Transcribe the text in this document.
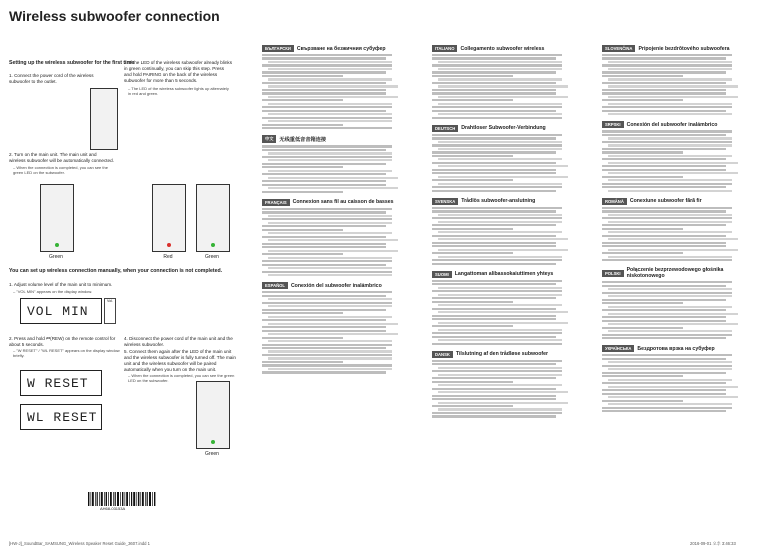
Wireless subwoofer connection
Setting up the wireless subwoofer for the first time
1. Connect the power cord of the wireless subwoofer to the outlet.
2. Turn on the main unit. The main unit and wireless subwoofer will be automatically connected.
– When the connection is completed, you can see the green LED on the subwoofer.
3. If the LED of the wireless subwoofer already blinks in green continually, you can skip this step. Press and hold PAIRING on the back of the wireless subwoofer for more than 5 seconds.
– The LED of the wireless subwoofer lights up alternately in red and green.
Green	Red	Green
You can set up wireless connection manually, when your connection is not completed.
1. Adjust volume level of the main unit to minimum.
– "VOL MIN" appears on the display window.
VOL MIN
Vol.
2. Press and hold ⏮(REW) on the remote control for about 5 seconds.
– "W RESET" / "WL RESET" appears on the display window briefly.
W RESET
WL RESET
4. Disconnect the power cord of the main unit and the wireless subwoofer.
5. Connect them again after the LED of the main unit and the wireless subwoofer is fully turned off. The main unit and the wireless subwoofer will be paired automatically when you turn on the main unit.
– When the connection is completed, you can see the green LED on the subwoofer.
Green
AH68-03153A
БЪЛГАРСКИ	Свързване на безжичния субуфер
中文	无线重低音音箱连接
FRANÇAIS	Connexion sans fil au caisson de basses
ESPAÑOL	Conexión del subwoofer inalámbrico
ITALIANO	Collegamento subwoofer wireless
DEUTSCH	Drahtloser Subwoofer-Verbindung
SVENSKA	Trådlös subwoofer-anslutning
SUOMI	Langattoman alibassokaiuttimen yhteys
DANSK	Tilslutning af den trådløse subwoofer
SLOVENČINA	Pripojenie bezdrôtového subwoofera
SRPSKI	Conexión del subwoofer inalámbrico
ROMÂNĂ	Conexiune subwoofer fără fir
POLSKI	Połączenie bezprzewodowego głośnika niskotonowego
УКРАЇНСЬКА	Бездротова врзка на субуфер
[HW-J]_SoundBar_SAMSUNG_Wireless Speaker Reset Guide_3607.indd 1	2016-09-01 오후 3:46:33
